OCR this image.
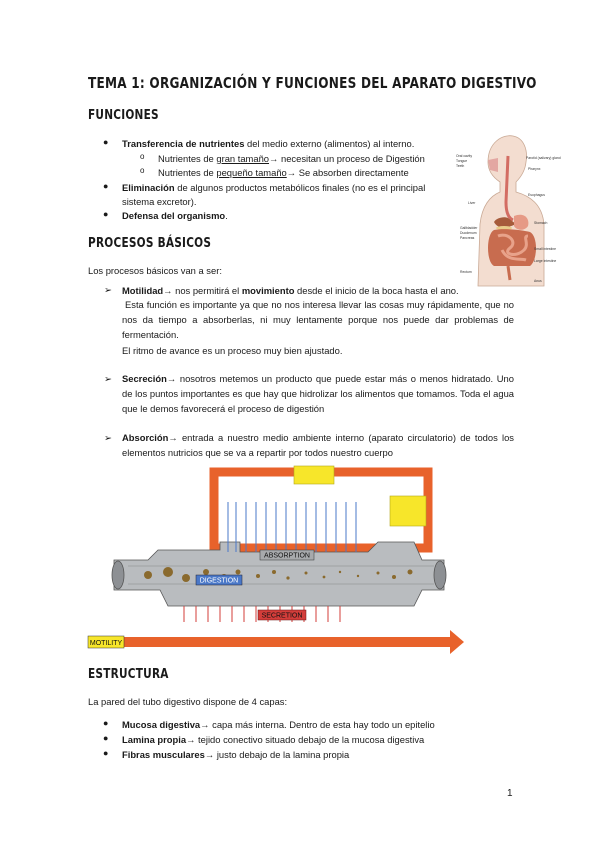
TEMA 1: ORGANIZACIÓN Y FUNCIONES DEL APARATO DIGESTIVO
FUNCIONES
● Transferencia de nutrientes del medio externo (alimentos) al interno.
o Nutrientes de gran tamaño→ necesitan un proceso de Digestión
o Nutrientes de pequeño tamaño→ Se absorben directamente
● Eliminación de algunos productos metabólicos finales (no es el principal
sistema excretor).
● Defensa del organismo.
Oral cavity
Tongue
Teeth
Liver
Gallbladder
Duodenum
Pancreas
Rectum
Parotid (salivary) gland
Pharynx
Esophagus
Stomach
Small intestine
Large intestine
Anus
PROCESOS BÁSICOS
Los procesos básicos van a ser:
➢ Motilidad→ nos permitirá el movimiento desde el inicio de la boca hasta el ano.
Esta función es importante ya que no nos interesa llevar las cosas muy rápidamente, que no nos da tiempo a absorberlas, ni muy lentamente porque nos puede dar problemas de fermentación.
El ritmo de avance es un proceso muy bien ajustado.
➢ Secreción→ nosotros metemos un producto que puede estar más o menos hidratado. Uno de los puntos importantes es que hay que hidrolizar los alimentos que tomamos. Toda el agua que le demos favorecerá el proceso de digestión
➢ Absorción→ entrada a nuestro medio ambiente interno (aparato circulatorio) de todos los elementos nutricios que se va a repartir por todos nuestro cuerpo
ABSORPTION
DIGESTION
SECRETION
MOTILITY
ESTRUCTURA
La pared del tubo digestivo dispone de 4 capas:
● Mucosa digestiva→ capa más interna. Dentro de esta hay todo un epitelio
● Lamina propia→ tejido conectivo situado debajo de la mucosa digestiva
● Fibras musculares→ justo debajo de la lamina propia
1
